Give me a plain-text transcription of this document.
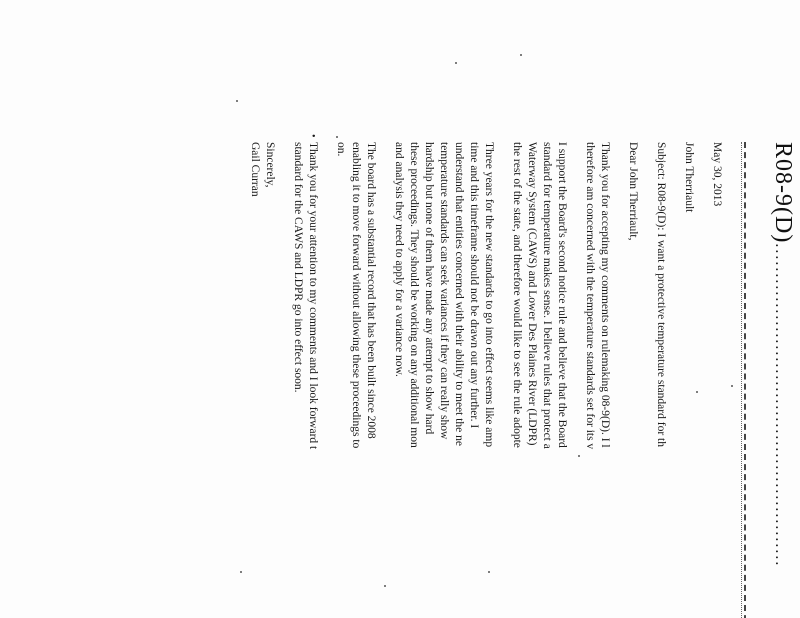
R08-9(D)......................................................
May 30, 2013
John Therriault
Subject: R08-9(D): I want a protective temperature standard for th
Dear John Therriault,
Thank you for accepting my comments on rulemaking 08-9(D). I l
therefore am concerned with the temperature standards set for its v
I support the Board's second notice rule and believe that the Board
standard for temperature makes sense. I believe rules that protect a
Waterway System (CAWS) and Lower Des Plaines River (LDPR)
the rest of the state, and therefore would like to see the rule adopte
Three years for the new standards to go into effect seems like amp
time and this timeframe should not be drawn out any further. I
understand that entities concerned with their ability to meet the ne
temperature standards can seek variances if they can really show
hardship but none of them have made any attempt to show hard
these proceedings. They should be working on any additional mon
and analysis they need to apply for a variance now.
The board has a substantial record that has been built since 2008
enabling it to move forward without allowing these proceedings to
on.
•
Thank you for your attention to my comments and I look forward t
standard for the CAWS and LDPR go into effect soon.
Sincerely,
Gail Curran
